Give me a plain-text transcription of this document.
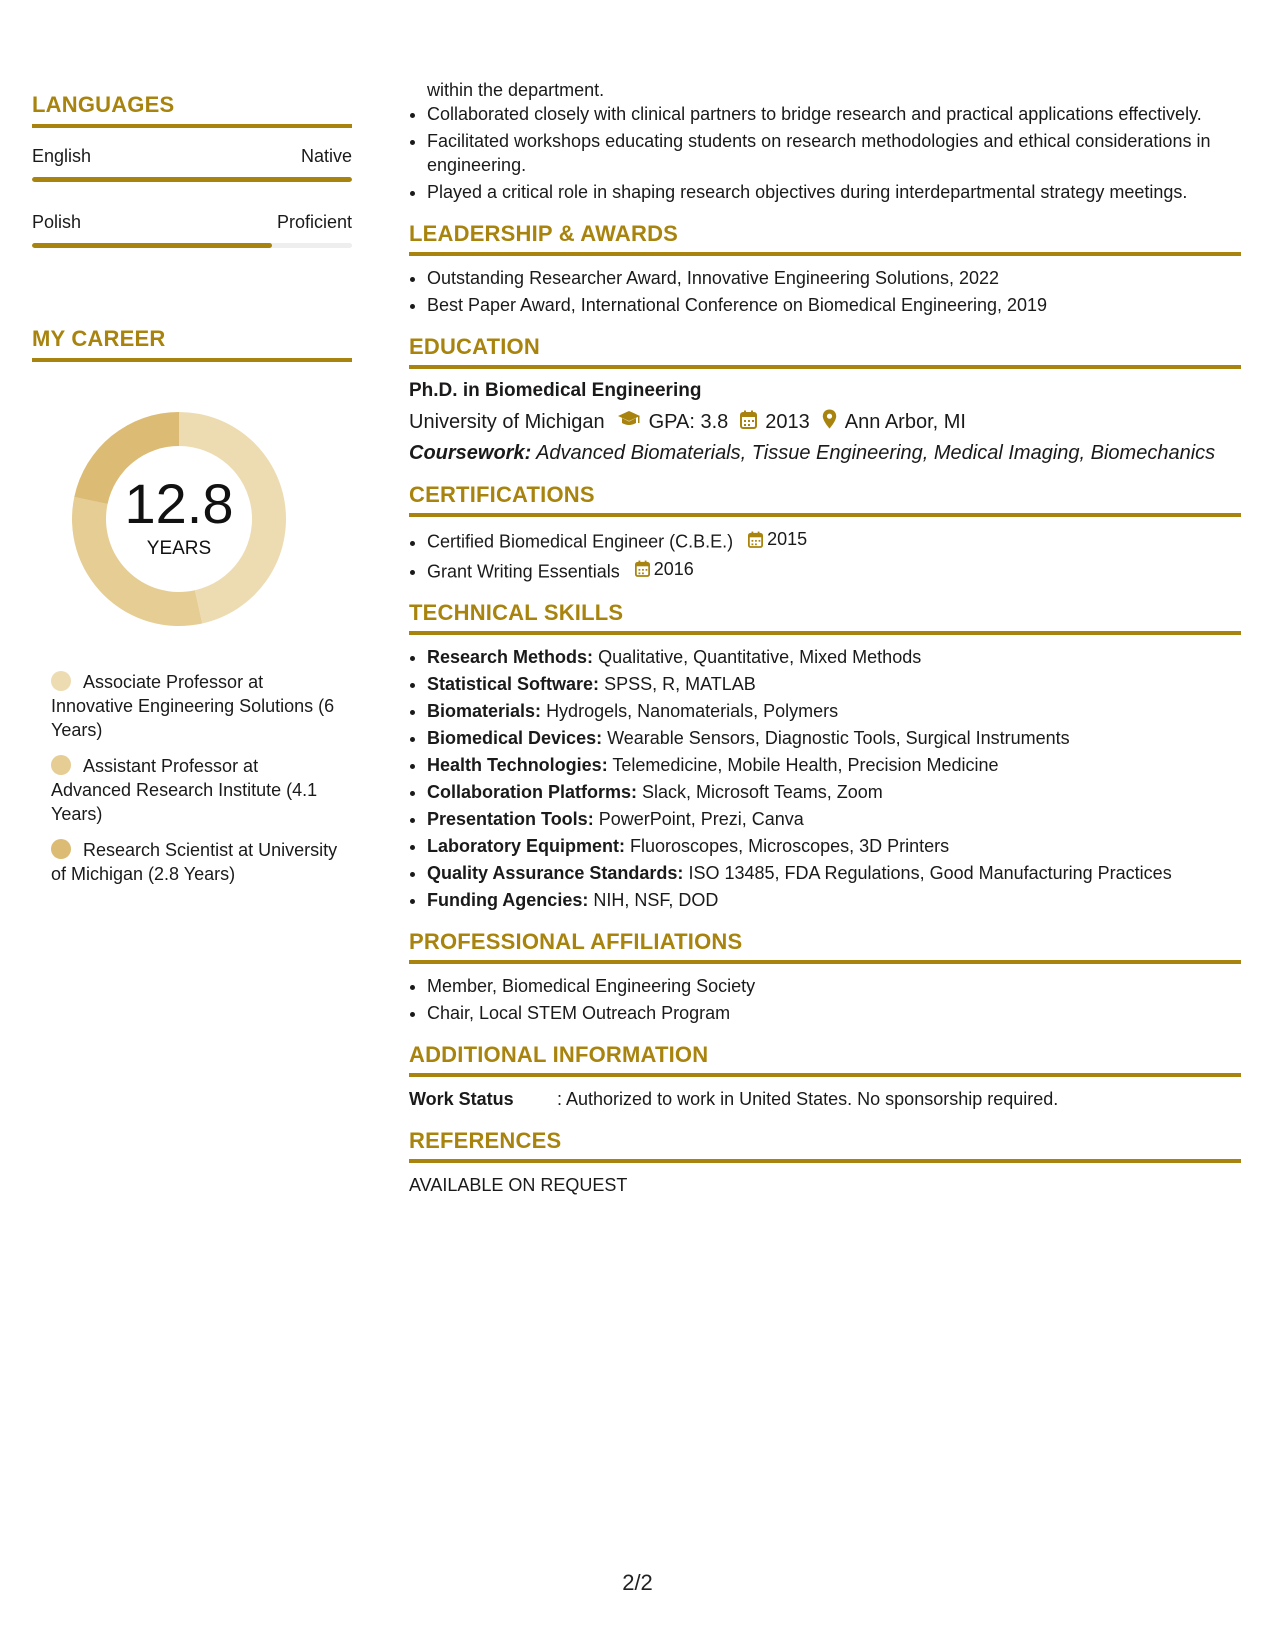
LANGUAGES
English	Native
Polish	Proficient
MY CAREER
12.8
YEARS
Associate Professor at Innovative Engineering Solutions (6 Years)
Assistant Professor at Advanced Research Institute (4.1 Years)
Research Scientist at University of Michigan (2.8 Years)
within the department.
• Collaborated closely with clinical partners to bridge research and practical applications effectively.
• Facilitated workshops educating students on research methodologies and ethical considerations in engineering.
• Played a critical role in shaping research objectives during interdepartmental strategy meetings.
LEADERSHIP & AWARDS
• Outstanding Researcher Award, Innovative Engineering Solutions, 2022
• Best Paper Award, International Conference on Biomedical Engineering, 2019
EDUCATION
Ph.D. in Biomedical Engineering
University of Michigan GPA: 3.8 2013 Ann Arbor, MI
Coursework: Advanced Biomaterials, Tissue Engineering, Medical Imaging, Biomechanics
CERTIFICATIONS
• Certified Biomedical Engineer (C.B.E.) 2015
• Grant Writing Essentials 2016
TECHNICAL SKILLS
• Research Methods: Qualitative, Quantitative, Mixed Methods
• Statistical Software: SPSS, R, MATLAB
• Biomaterials: Hydrogels, Nanomaterials, Polymers
• Biomedical Devices: Wearable Sensors, Diagnostic Tools, Surgical Instruments
• Health Technologies: Telemedicine, Mobile Health, Precision Medicine
• Collaboration Platforms: Slack, Microsoft Teams, Zoom
• Presentation Tools: PowerPoint, Prezi, Canva
• Laboratory Equipment: Fluoroscopes, Microscopes, 3D Printers
• Quality Assurance Standards: ISO 13485, FDA Regulations, Good Manufacturing Practices
• Funding Agencies: NIH, NSF, DOD
PROFESSIONAL AFFILIATIONS
• Member, Biomedical Engineering Society
• Chair, Local STEM Outreach Program
ADDITIONAL INFORMATION
Work Status	: Authorized to work in United States. No sponsorship required.
REFERENCES
AVAILABLE ON REQUEST
2/2
